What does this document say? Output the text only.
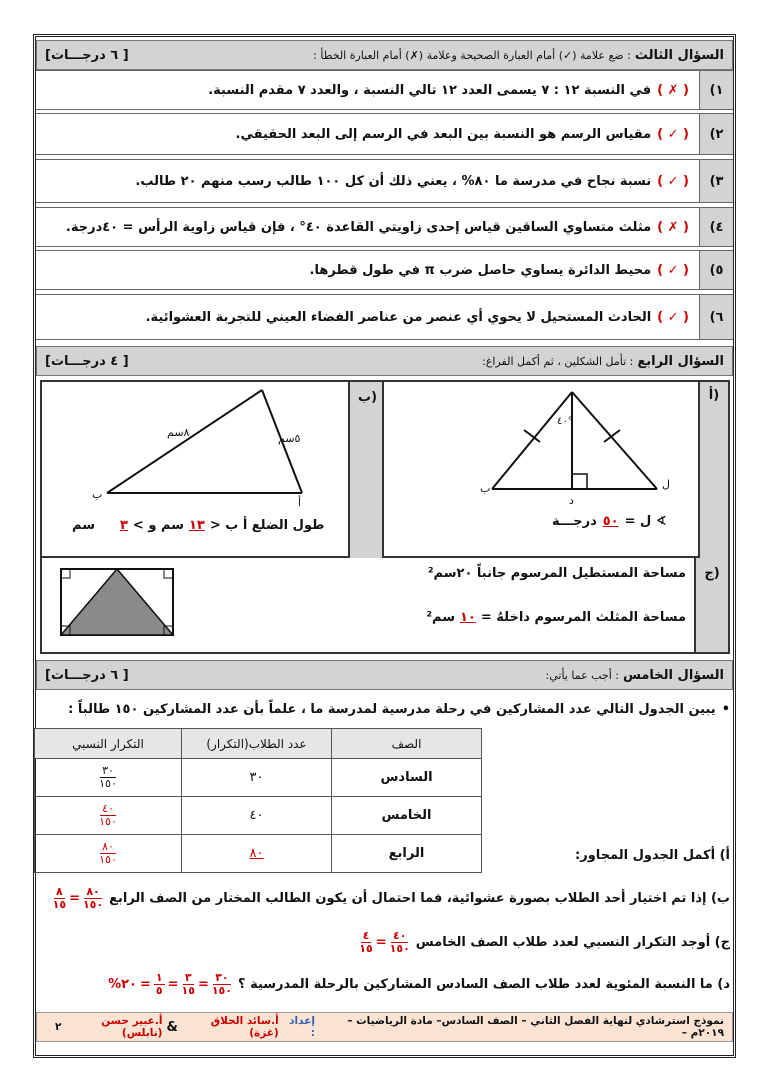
السؤال الثالث
: ضع علامة (✓) أمام العبارة الصحيحة وعلامة (✗) أمام العبارة الخطأ :
[ ٦ درجـــات]
١)
( ✗ )
في النسبة ١٢ : ٧ يسمى العدد ١٢ تالي النسبة ، والعدد ٧ مقدم النسبة.
٢)
( ✓ )
مقياس الرسم هو النسبة بين البعد في الرسم إلى البعد الحقيقي.
٣)
( ✓ )
نسبة نجاح في مدرسة ما ٨٠% ، يعني ذلك أن كل ١٠٠ طالب رسب منهم ٢٠ طالب.
٤)
( ✗ )
مثلث متساوي الساقين قياس إحدى زاويتي القاعدة ٤٠° ، فإن قياس زاوية الرأس = ٤٠درجة.
٥)
( ✓ )
محيط الدائرة يساوي حاصل ضرب π في طول قطرها.
٦)
( ✓ )
الحادث المستحيل لا يحوي أي عنصر من عناصر الفضاء العيني للتجربة العشوائية.
السؤال الرابع
: تأمل الشكلين ، ثم أكمل الفراغ:
[ ٤ درجـــات]
أ)
٤٠°
ب	ل
د
∢ ل =
٥٠
درجـــة
ب)
٨سم	٥سم
ب
أ
طول الضلع أ ب <
١٣
سم و >
٣
سم
ج)
مساحة المستطيل المرسوم جانباً ٢٠سم²
مساحة المثلث المرسوم داخلهُ =
١٠
سم²
السؤال الخامس
: أجب عما يأتي:
[ ٦ درجـــات]
•
يبين الجدول التالي عدد المشاركين في رحلة مدرسية لمدرسة ما ، علماً بأن عدد المشاركين ١٥٠ طالباً :
الصف	عدد الطلاب(التكرار)	التكرار النسبي
السادس	٣٠	$\frac{٣٠}{١٥٠}$

الخامس	٤٠	$\frac{٤٠}{١٥٠}$

الرابع	٨٠	$\frac{٨٠}{١٥٠}$	أ) أكمل الجدول المجاور:
ب) إذا تم اختيار أحد الطلاب بصورة عشوائية، فما احتمال أن يكون الطالب المختار من الصف الرابع
$\frac{٨٠}{١٥٠}$
=
$\frac{٨}{١٥}$
ج) أوجد التكرار النسبي لعدد طلاب الصف الخامس
$\frac{٤٠}{١٥٠}$
=
$\frac{٤}{١٥}$
د) ما النسبة المئوية لعدد طلاب الصف السادس المشاركين بالرحلة المدرسية ؟
$\frac{٣٠}{١٥٠}$
=
$\frac{٣}{١٥}$
=
$\frac{١}{٥}$
=
٢٠%
نموذج استرشادي لنهاية الفصل الثاني – الصف السادس– مادة الرياضيات – ٢٠١٩م –
إعداد :
أ.سائد الحلاق (غزة)
&
أ.عبير حسن (نابلس)
٢
